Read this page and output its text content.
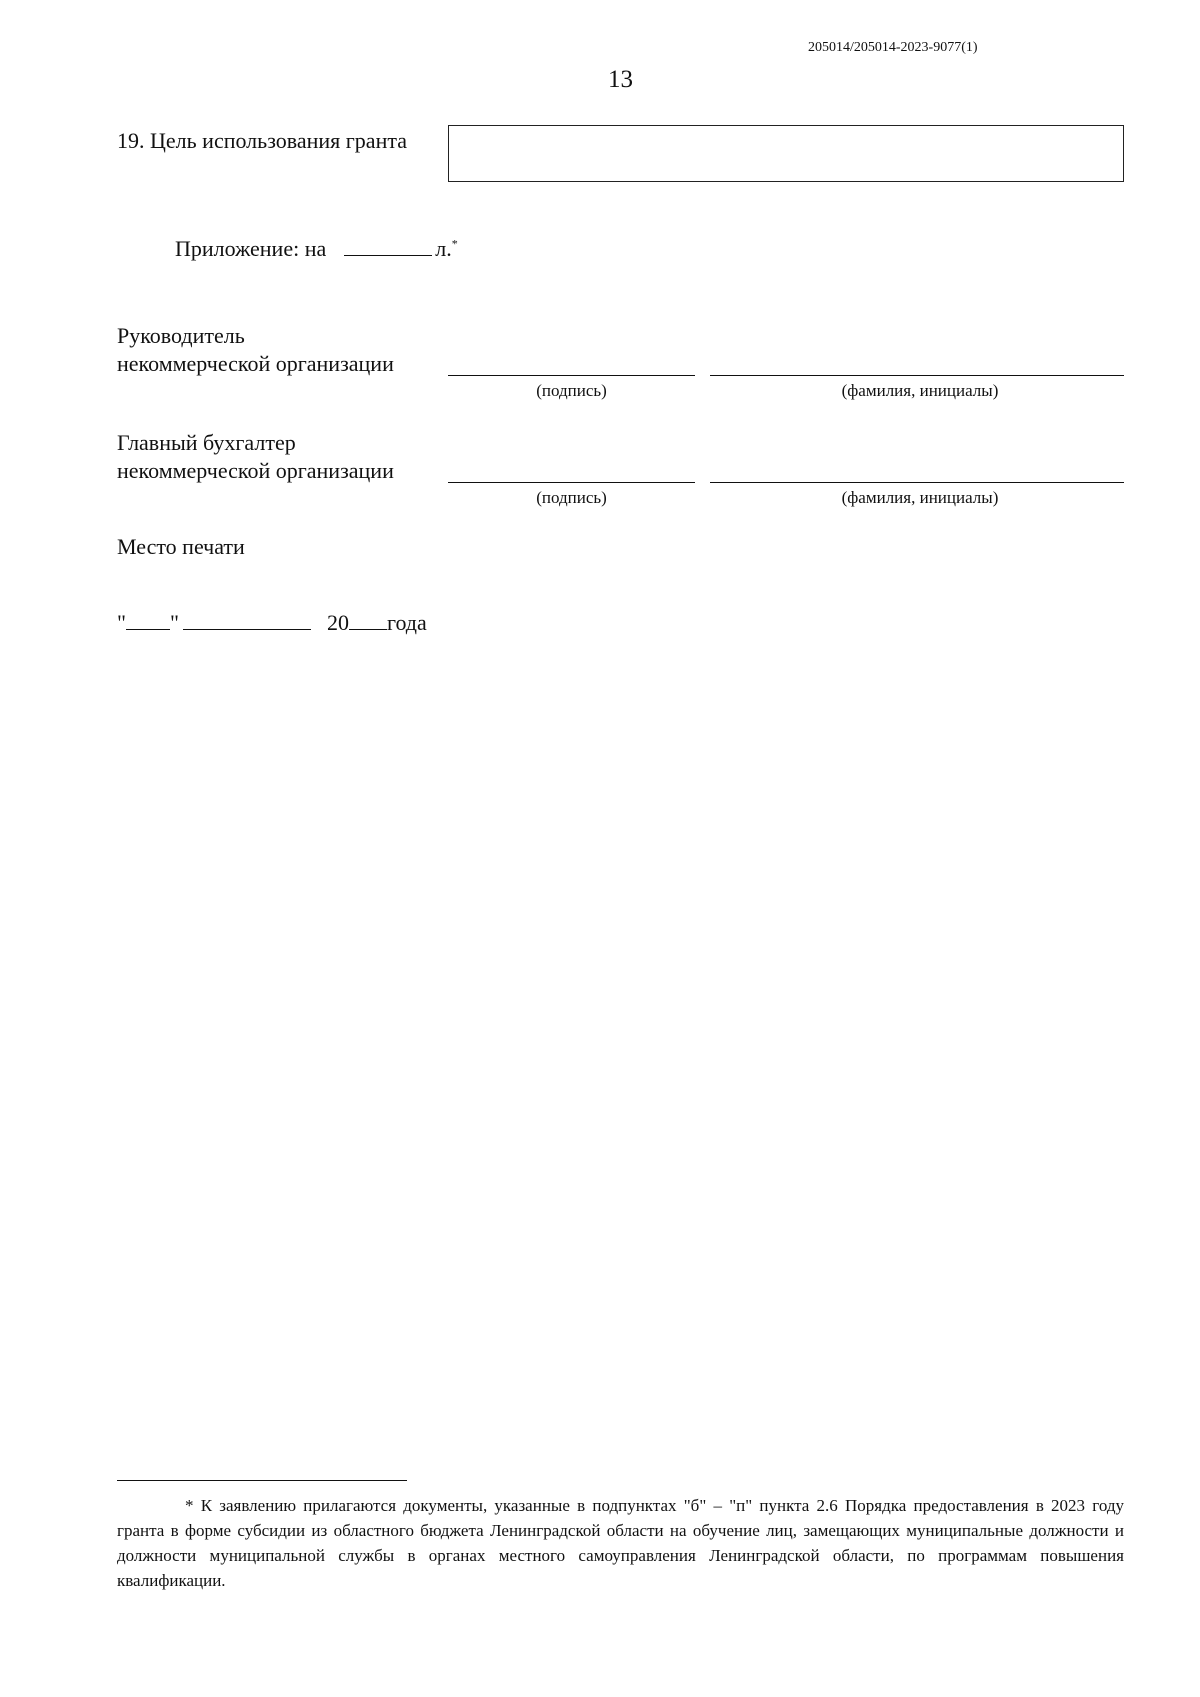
205014/205014-2023-9077(1)
13
19. Цель использования гранта
Приложение: на	л.*
Руководитель
некоммерческой организации
(подпись)	(фамилия, инициалы)
Главный бухгалтер
некоммерческой организации
(подпись)	(фамилия, инициалы)
Место печати
" "	20 года
* К заявлению прилагаются документы, указанные в подпунктах "б" – "п" пункта 2.6 Порядка предоставления в 2023 году гранта в форме субсидии из областного бюджета Ленинградской области на обучение лиц, замещающих муниципальные должности и должности муниципальной службы в органах местного самоуправления Ленинградской области, по программам повышения квалификации.
